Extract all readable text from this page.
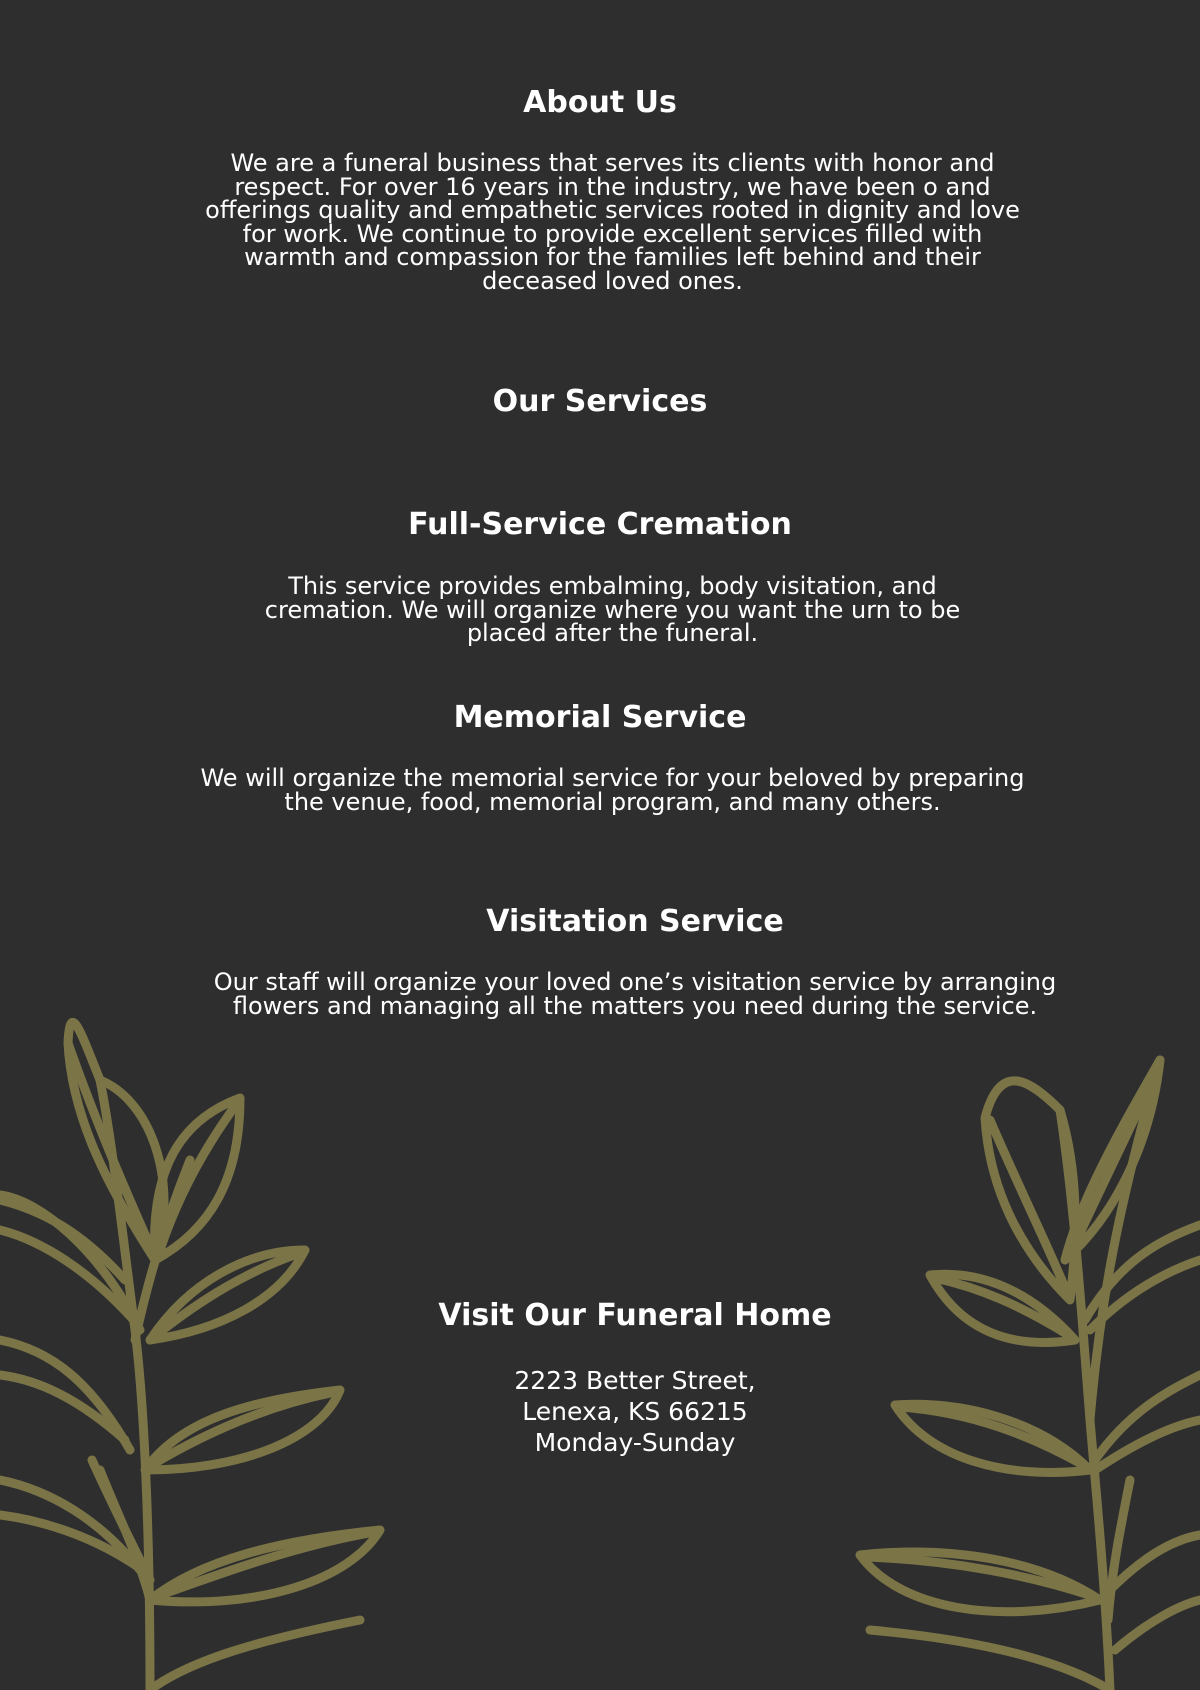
About Us

We are a funeral business that serves its clients with honor and respect. For over 16 years in the industry, we have been o and offerings quality and empathetic services rooted in dignity and love for work. We continue to provide excellent services filled with warmth and compassion for the families left behind and their deceased loved ones.

Our Services
Full-Service Cremation

This service provides embalming, body visitation, and cremation. We will organize where you want the urn to be placed after the funeral.

Memorial Service

We will organize the memorial service for your beloved by preparing the venue, food, memorial program, and many others.

Visitation Service

Our staff will organize your loved one’s visitation service by arranging flowers and managing all the matters you need during the service.

Visit Our Funeral Home

2223 Better Street,

Lenexa, KS 66215

Monday-Sunday
